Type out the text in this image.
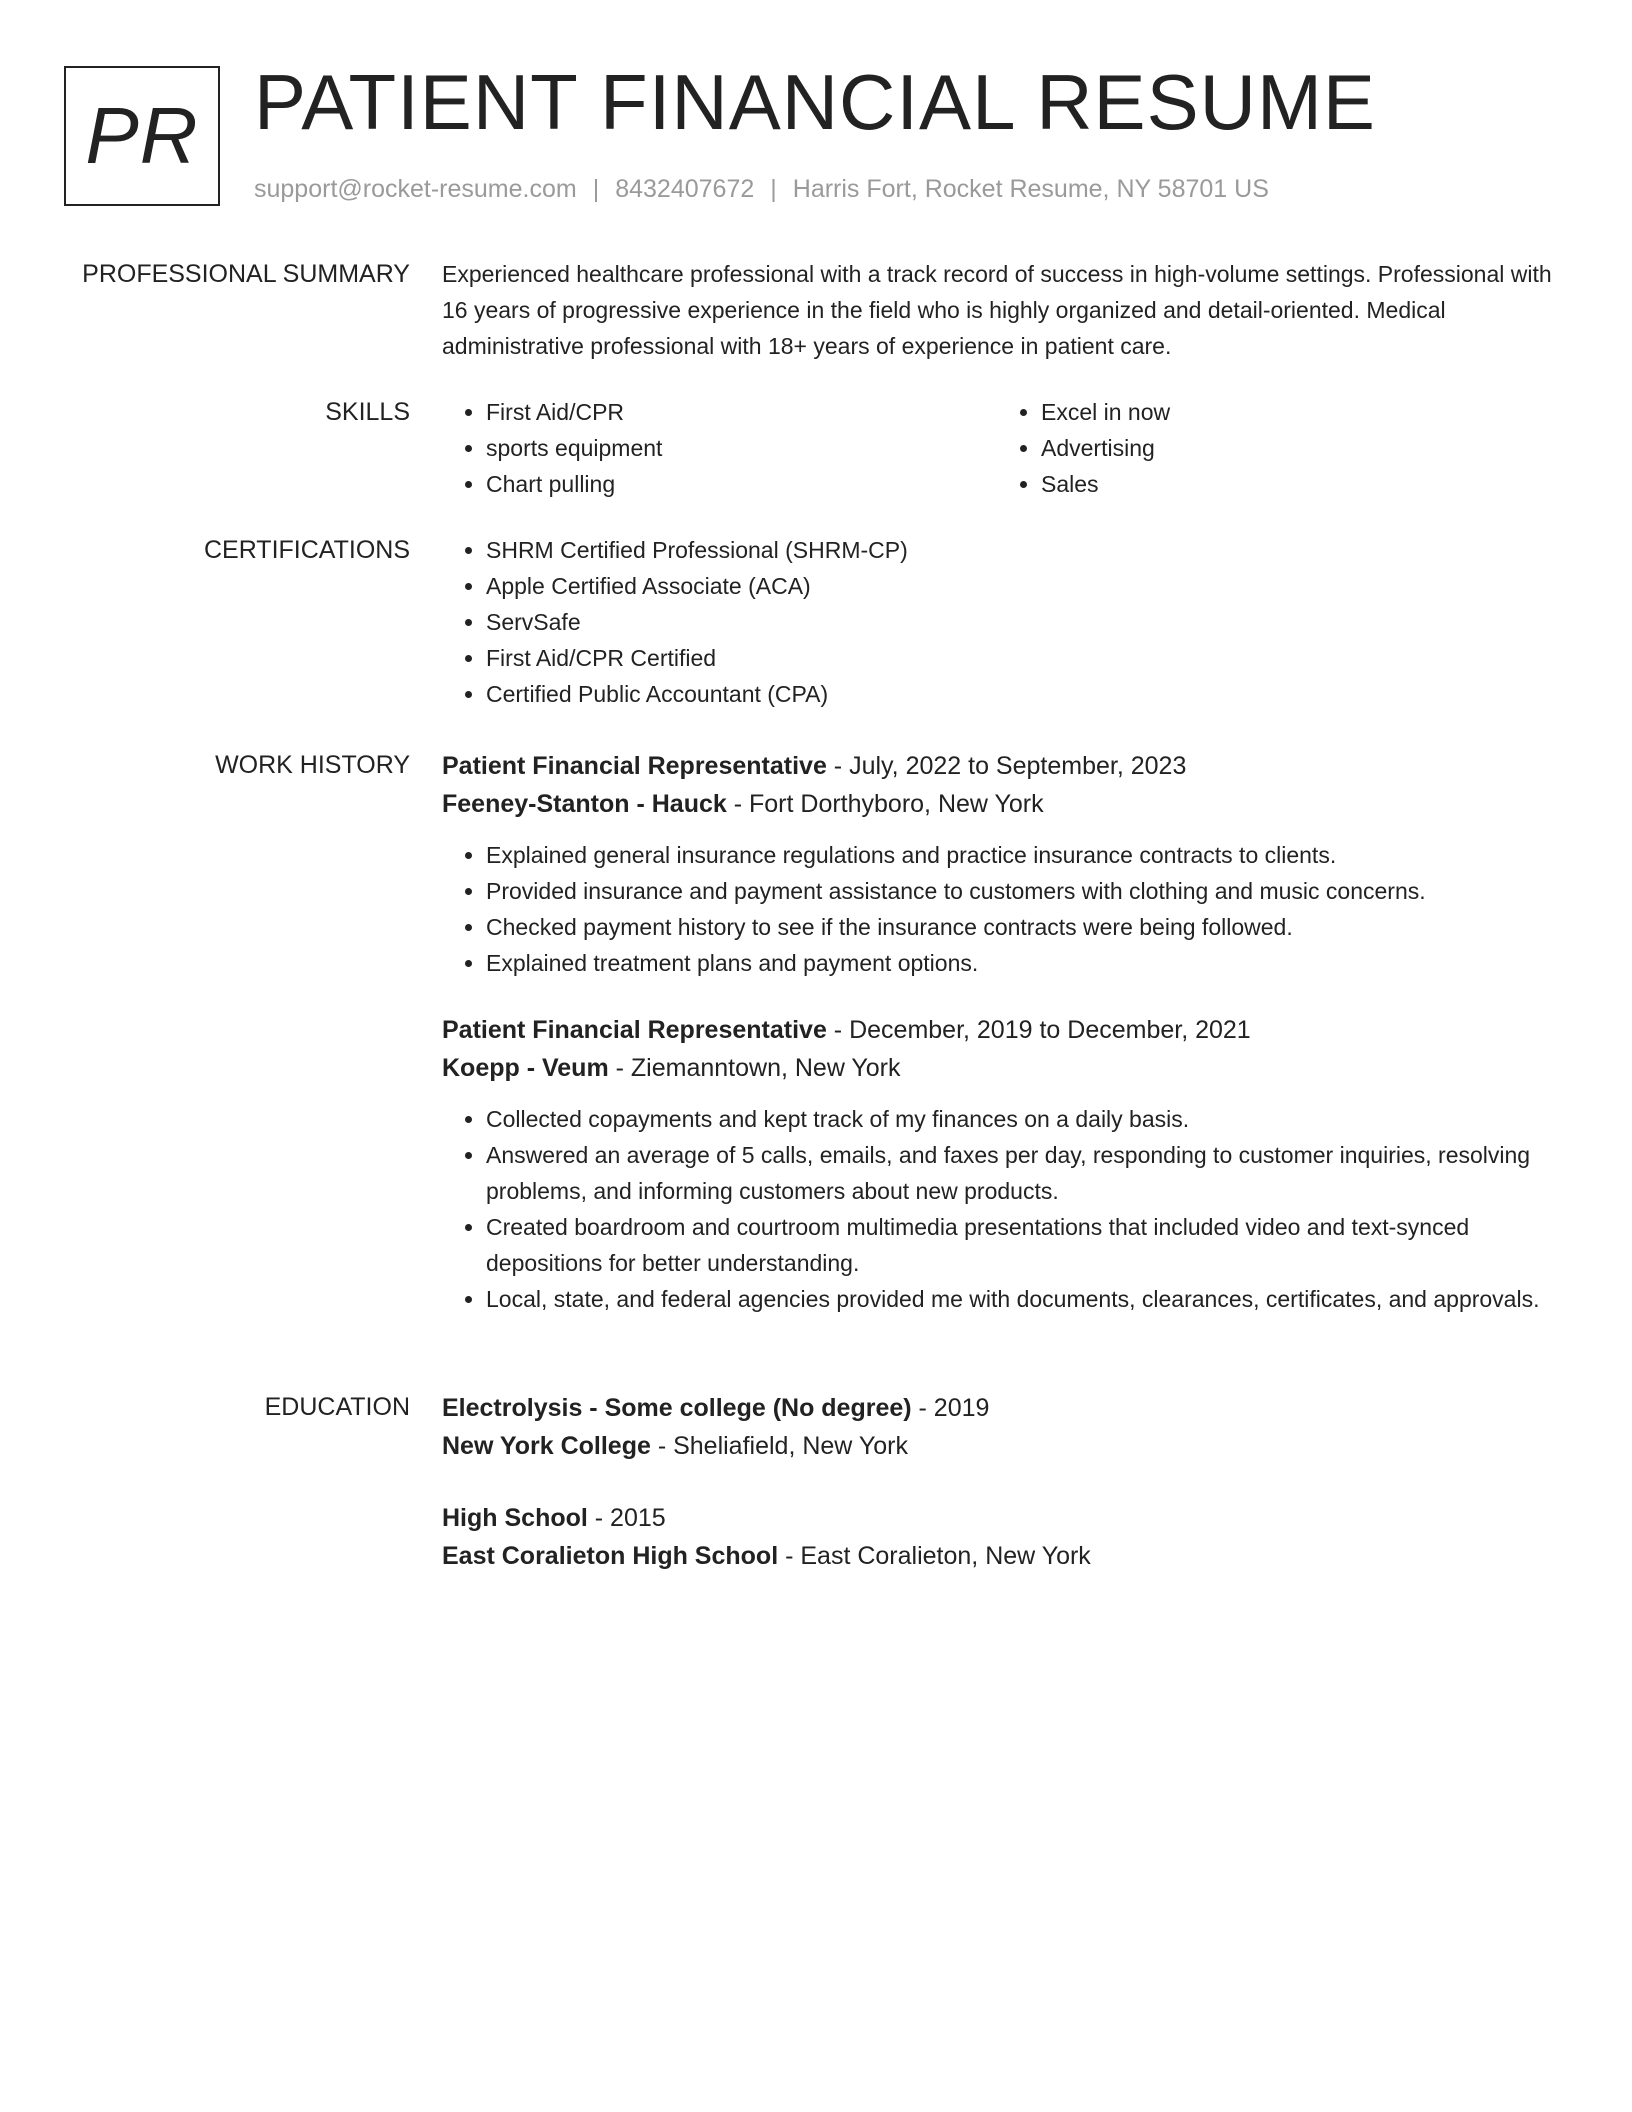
PR PATIENT FINANCIAL RESUME
support@rocket-resume.com | 8432407672 | Harris Fort, Rocket Resume, NY 58701 US
PROFESSIONAL SUMMARY Experienced healthcare professional with a track record of success in high-volume settings. Professional with 16 years of progressive experience in the field who is highly organized and detail-oriented. Medical administrative professional with 18+ years of experience in patient care.

SKILLS	• First Aid/CPR
• sports equipment
• Chart pulling
• Excel in now
• Advertising
• Sales
CERTIFICATIONS	• SHRM Certified Professional (SHRM-CP)
• Apple Certified Associate (ACA)
• ServSafe
• First Aid/CPR Certified
• Certified Public Accountant (CPA)
WORK HISTORY Patient Financial Representative - July, 2022 to September, 2023
Feeney-Stanton - Hauck - Fort Dorthyboro, New York
• Explained general insurance regulations and practice insurance contracts to clients.
• Provided insurance and payment assistance to customers with clothing and music concerns.
• Checked payment history to see if the insurance contracts were being followed.
• Explained treatment plans and payment options.
Patient Financial Representative - December, 2019 to December, 2021
Koepp - Veum - Ziemanntown, New York
• Collected copayments and kept track of my finances on a daily basis.
• Answered an average of 5 calls, emails, and faxes per day, responding to customer inquiries, resolving problems, and informing customers about new products.
• Created boardroom and courtroom multimedia presentations that included video and text-synced depositions for better understanding.
• Local, state, and federal agencies provided me with documents, clearances, certificates, and approvals.
EDUCATION Electrolysis - Some college (No degree) - 2019
New York College - Sheliafield, New York
High School - 2015
East Coralieton High School - East Coralieton, New York
